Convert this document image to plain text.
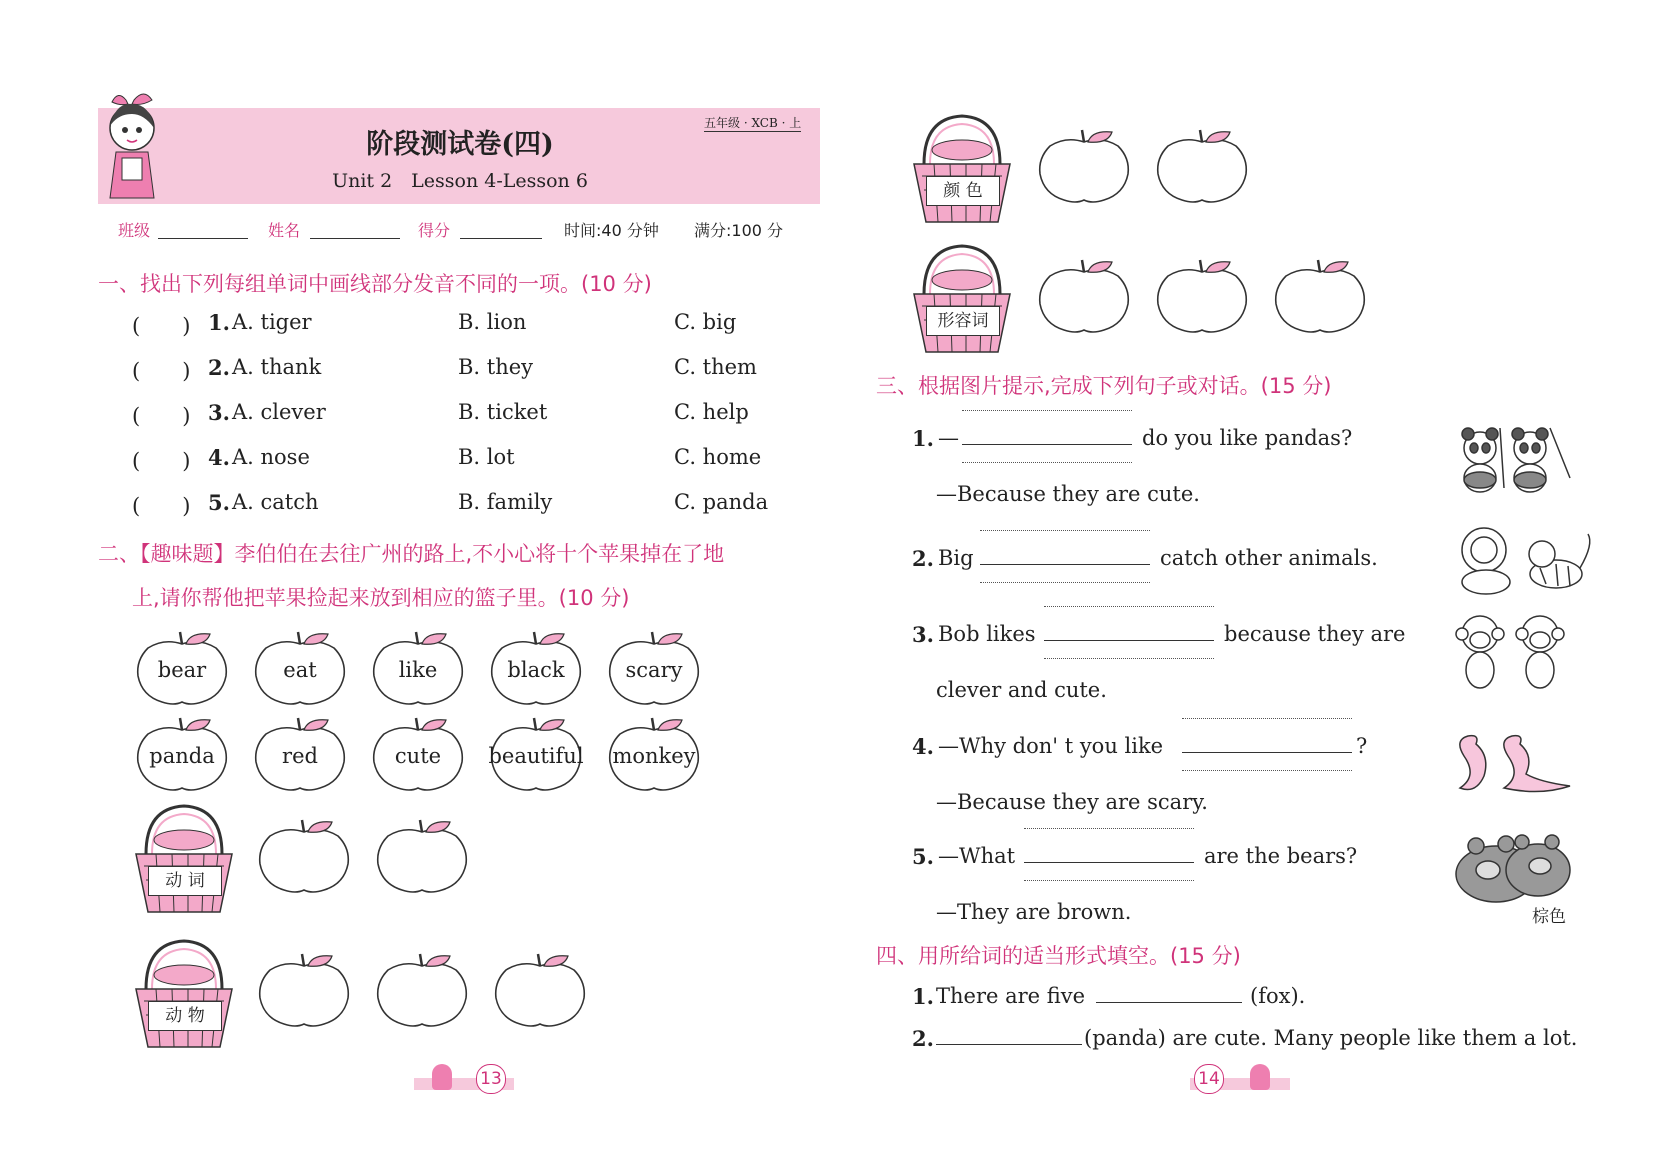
阶段测试卷(四)
Unit 2　Lesson 4-Lesson 6
五年级 · XCB · 上
班级	姓名	得分	时间:40 分钟 满分:100 分
一、找出下列每组单词中画线部分发音不同的一项。(10 分)
(　　) 1. A. tiger	B. lion	C. big
(　　) 2. A. thank	B. they	C. them
(　　) 3. A. clever	B. ticket	C. help
(　　) 4. A. nose	B. lot	C. home
(　　) 5. A. catch	B. family	C. panda
二、【趣味题】李伯伯在去往广州的路上,不小心将十个苹果掉在了地
上,请你帮他把苹果捡起来放到相应的篮子里。(10 分)
bear	eat	like	black	scary
panda	red	cute	beautiful	monkey
动 词
动 物
13
颜 色
形容词
三、根据图片提示,完成下列句子或对话。(15 分)
1. —	do you like pandas?
—Because they are cute.
2. Big	catch other animals.
3. Bob likes	because they are
clever and cute.
4. —Why don' t you like	?
—Because they are scary.
5. —What	are the bears?
—They are brown.	棕色
四、用所给词的适当形式填空。(15 分)
1. There are five	(fox).
2.	(panda) are cute. Many people like them a lot.
14
